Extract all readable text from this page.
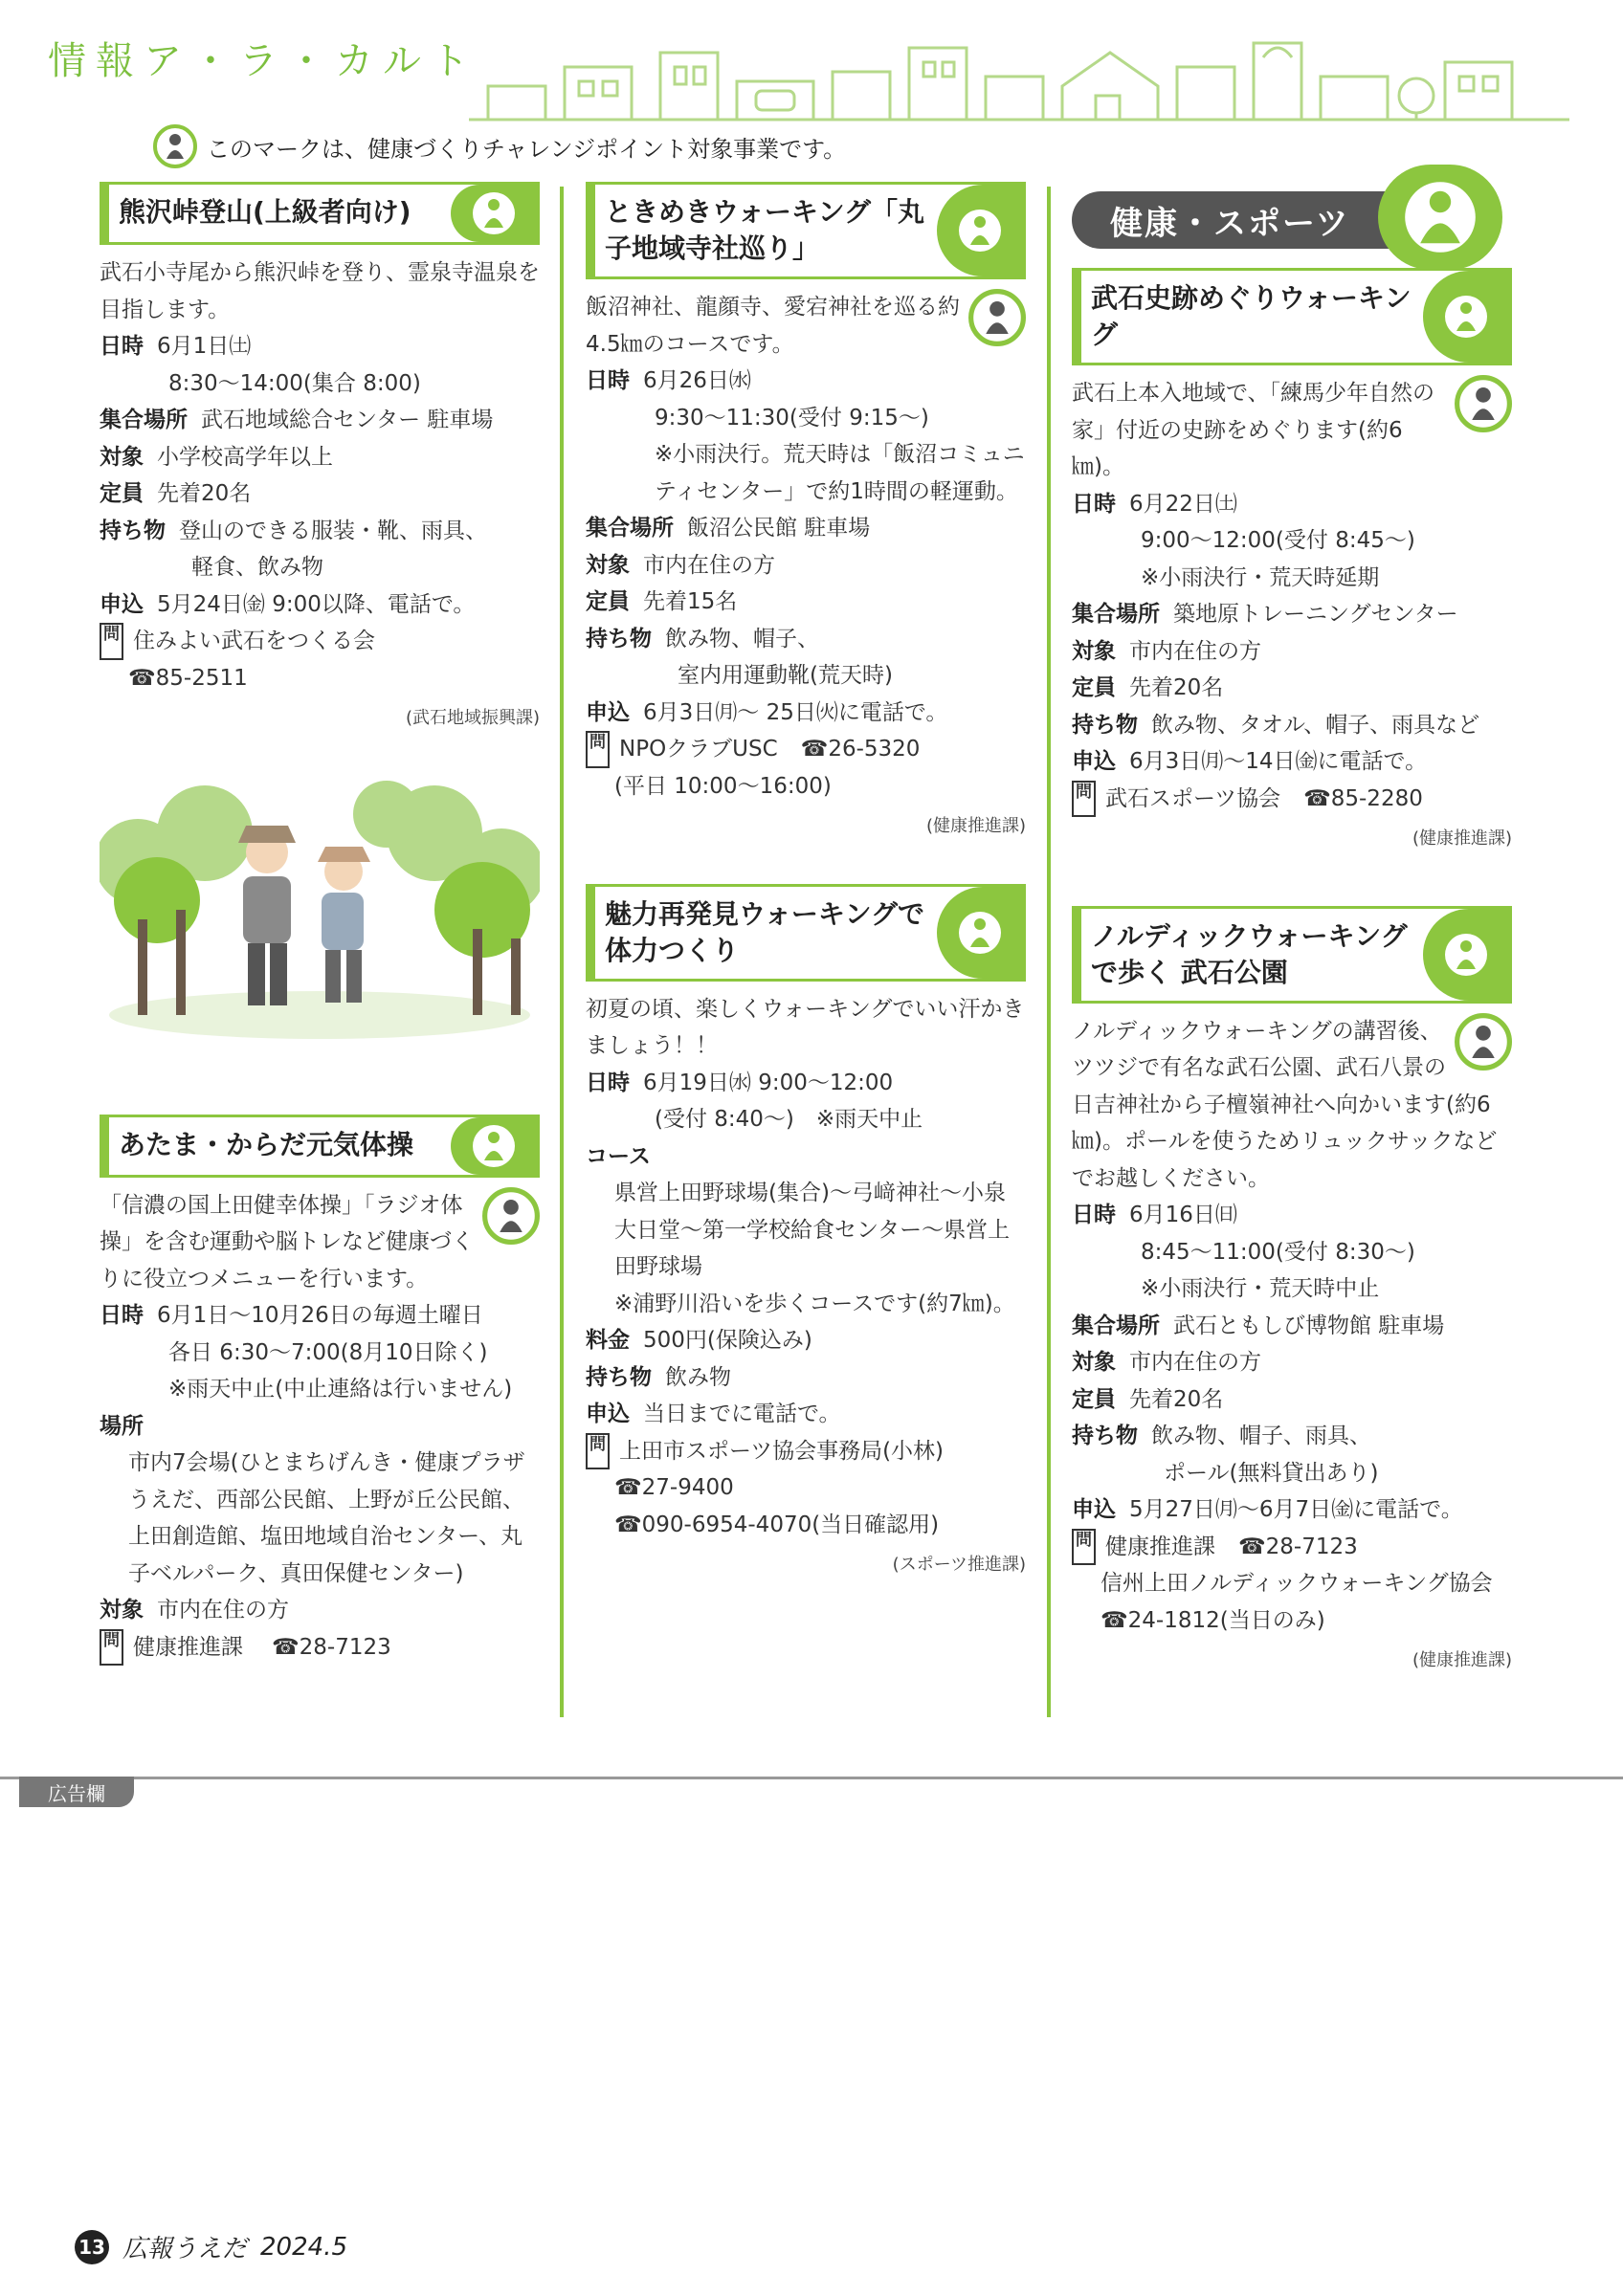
情報ア・ラ・カルト
このマークは、健康づくりチャレンジポイント対象事業です。
熊沢峠登山(上級者向け)
武石小寺尾から熊沢峠を登り、霊泉寺温泉を目指します。
日時 6月1日㈯
8:30～14:00(集合 8:00)
集合場所 武石地域総合センター 駐車場
対象 小学校高学年以上
定員 先着20名
持ち物 登山のできる服装・靴、雨具、
軽食、飲み物
申込 5月24日㈮ 9:00以降、電話で。
問 住みよい武石をつくる会
☎85-2511
(武石地域振興課)
あたま・からだ元気体操
「信濃の国上田健幸体操」「ラジオ体操」を含む運動や脳トレなど健康づくりに役立つメニューを行います。
日時 6月1日～10月26日の毎週土曜日
各日 6:30～7:00(8月10日除く)
※雨天中止(中止連絡は行いません)
場所
市内7会場(ひとまちげんき・健康プラザうえだ、西部公民館、上野が丘公民館、上田創造館、塩田地域自治センター、丸子ベルパーク、真田保健センター)
対象 市内在住の方
問 健康推進課 ☎28-7123
ときめきウォーキング「丸子地域寺社巡り」
飯沼神社、龍顔寺、愛宕神社を巡る約4.5㎞のコースです。
日時 6月26日㈬
9:30～11:30(受付 9:15～)
※小雨決行。荒天時は「飯沼コミュニティセンター」で約1時間の軽運動。
集合場所 飯沼公民館 駐車場
対象 市内在住の方
定員 先着15名
持ち物 飲み物、帽子、
室内用運動靴(荒天時)
申込 6月3日㈪～ 25日㈫に電話で。
問 NPOクラブUSC ☎26-5320
(平日 10:00～16:00)
(健康推進課)
魅力再発見ウォーキングで体力つくり
初夏の頃、楽しくウォーキングでいい汗かきましょう！！
日時 6月19日㈬ 9:00～12:00
(受付 8:40～)　※雨天中止
コース
県営上田野球場(集合)～弓﨑神社～小泉大日堂～第一学校給食センター～県営上田野球場
※浦野川沿いを歩くコースです(約7㎞)。
料金 500円(保険込み)
持ち物 飲み物
申込 当日までに電話で。
問 上田市スポーツ協会事務局(小林)
☎27-9400
☎090-6954-4070(当日確認用)
(スポーツ推進課)
健康・スポーツ
武石史跡めぐりウォーキング
武石上本入地域で、「練馬少年自然の家」付近の史跡をめぐります(約6㎞)。
日時 6月22日㈯
9:00～12:00(受付 8:45～)
※小雨決行・荒天時延期
集合場所 築地原トレーニングセンター
対象 市内在住の方
定員 先着20名
持ち物 飲み物、タオル、帽子、雨具など
申込 6月3日㈪～14日㈮に電話で。
問 武石スポーツ協会 ☎85-2280
(健康推進課)
ノルディックウォーキングで歩く 武石公園
ノルディックウォーキングの講習後、ツツジで有名な武石公園、武石八景の日吉神社から子檀嶺神社へ向かいます(約6㎞)。ポールを使うためリュックサックなどでお越しください。
日時 6月16日㈰
8:45～11:00(受付 8:30～)
※小雨決行・荒天時中止
集合場所 武石ともしび博物館 駐車場
対象 市内在住の方
定員 先着20名
持ち物 飲み物、帽子、雨具、
ポール(無料貸出あり)
申込 5月27日㈪～6月7日㈮に電話で。
問 健康推進課 ☎28-7123
信州上田ノルディックウォーキング協会
☎24-1812(当日のみ)
(健康推進課)
広告欄
13 広報うえだ 2024.5
